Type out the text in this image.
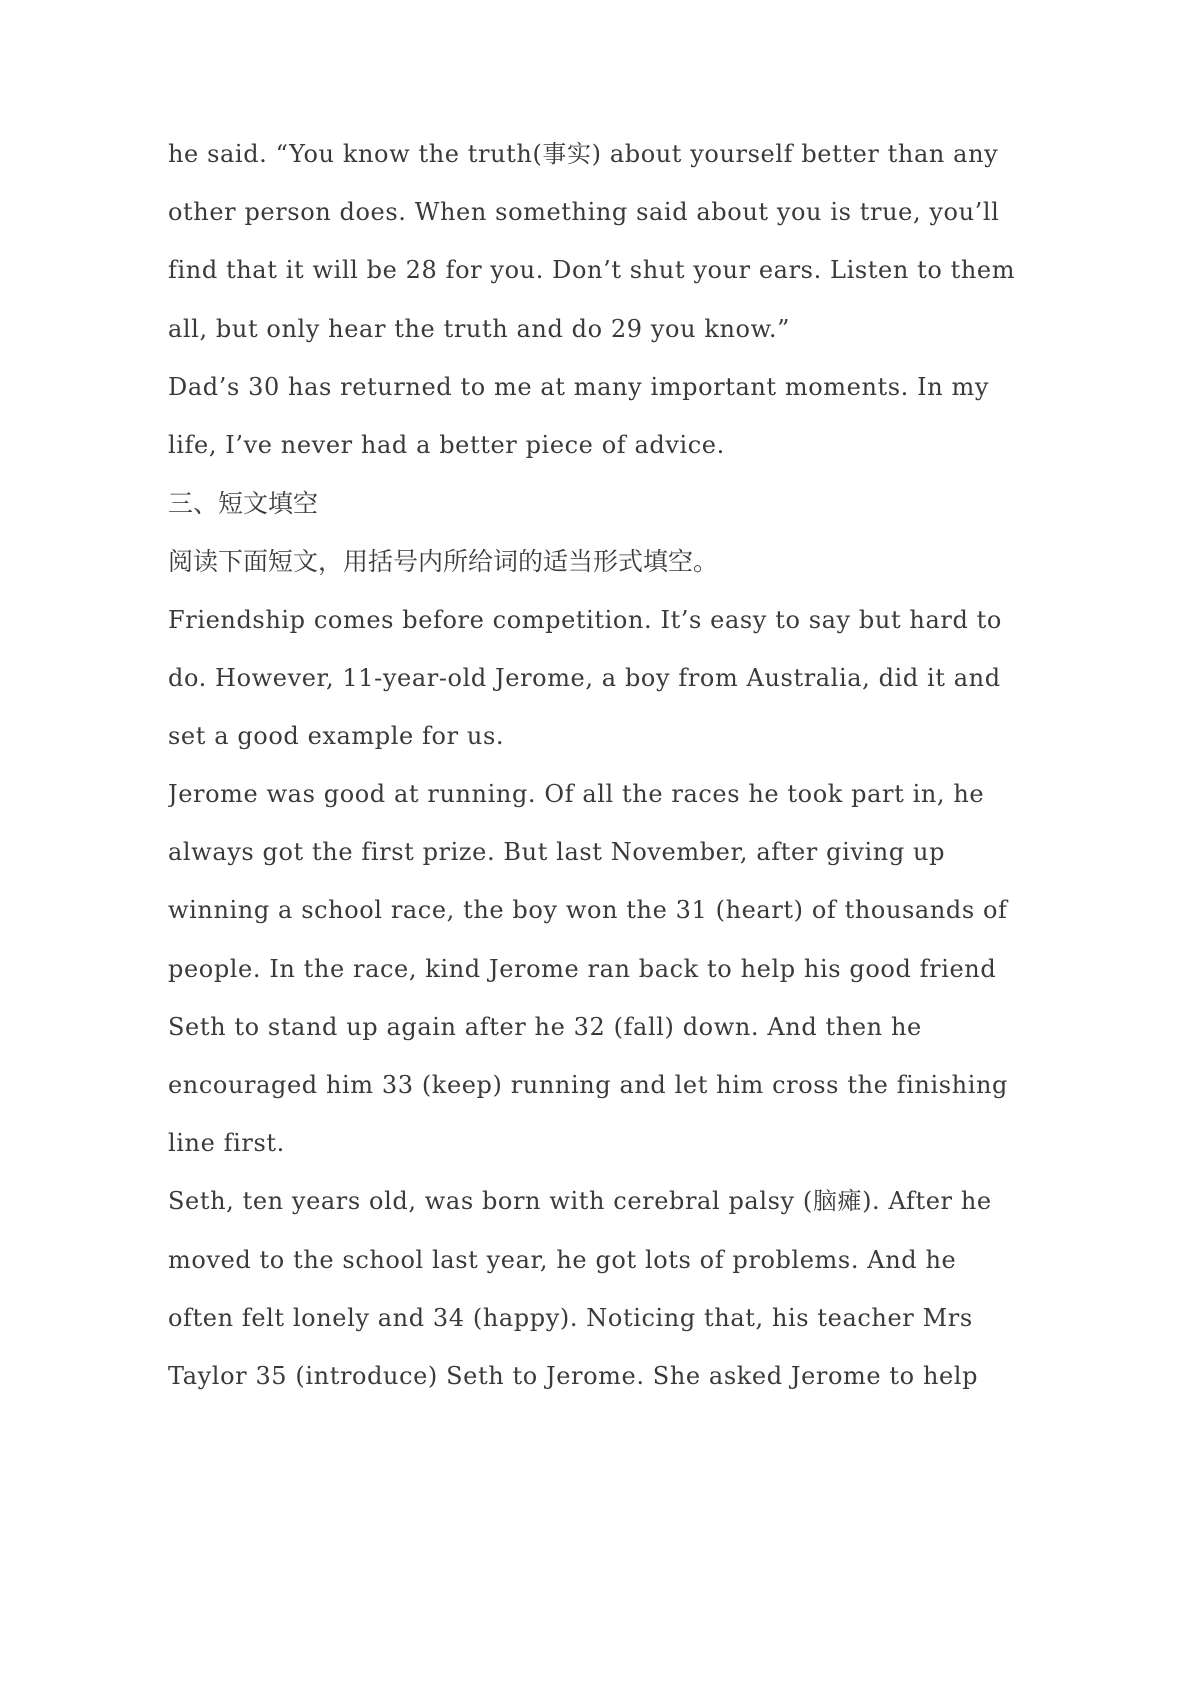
he said. “You know the truth(事实) about yourself better than any
other person does. When something said about you is true, you’ll
find that it will be 28 for you. Don’t shut your ears. Listen to them
all, but only hear the truth and do 29 you know.”
Dad’s 30 has returned to me at many important moments. In my
life, I’ve never had a better piece of advice.
三、短文填空
阅读下面短文，用括号内所给词的适当形式填空。
Friendship comes before competition. It’s easy to say but hard to
do. However, 11-year-old Jerome, a boy from Australia, did it and
set a good example for us.
Jerome was good at running. Of all the races he took part in, he
always got the first prize. But last November, after giving up
winning a school race, the boy won the 31 (heart) of thousands of
people. In the race, kind Jerome ran back to help his good friend
Seth to stand up again after he 32 (fall) down. And then he
encouraged him 33 (keep) running and let him cross the finishing
line first.
Seth, ten years old, was born with cerebral palsy (脑瘫). After he
moved to the school last year, he got lots of problems. And he
often felt lonely and 34 (happy). Noticing that, his teacher Mrs
Taylor 35 (introduce) Seth to Jerome. She asked Jerome to help
